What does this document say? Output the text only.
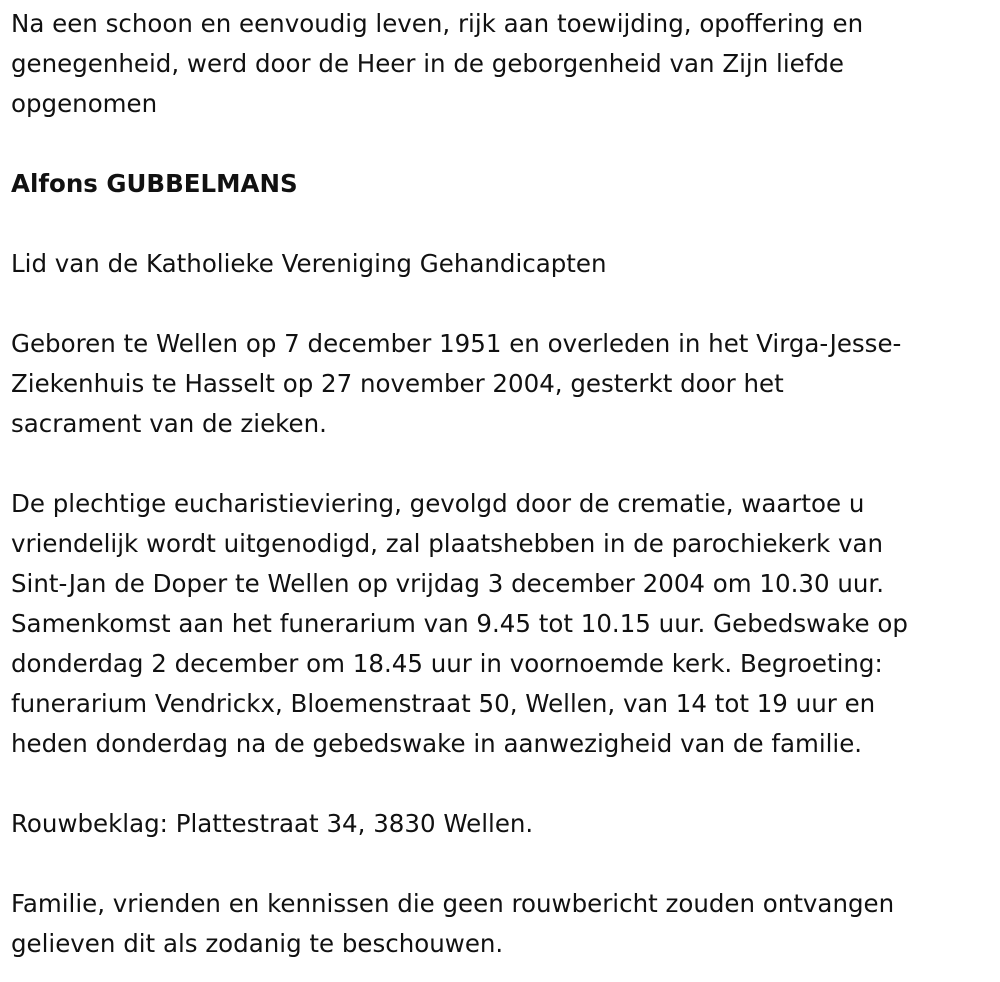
Na een schoon en eenvoudig leven, rijk aan toewijding, opoffering en
genegenheid, werd door de Heer in de geborgenheid van Zijn liefde
opgenomen

Alfons GUBBELMANS

Lid van de Katholieke Vereniging Gehandicapten

Geboren te Wellen op 7 december 1951 en overleden in het Virga-Jesse-
Ziekenhuis te Hasselt op 27 november 2004, gesterkt door het
sacrament van de zieken.

De plechtige eucharistieviering, gevolgd door de crematie, waartoe u
vriendelijk wordt uitgenodigd, zal plaatshebben in de parochiekerk van
Sint-Jan de Doper te Wellen op vrijdag 3 december 2004 om 10.30 uur.
Samenkomst aan het funerarium van 9.45 tot 10.15 uur. Gebedswake op
donderdag 2 december om 18.45 uur in voornoemde kerk. Begroeting:
funerarium Vendrickx, Bloemenstraat 50, Wellen, van 14 tot 19 uur en
heden donderdag na de gebedswake in aanwezigheid van de familie.

Rouwbeklag: Plattestraat 34, 3830 Wellen.

Familie, vrienden en kennissen die geen rouwbericht zouden ontvangen
gelieven dit als zodanig te beschouwen.
